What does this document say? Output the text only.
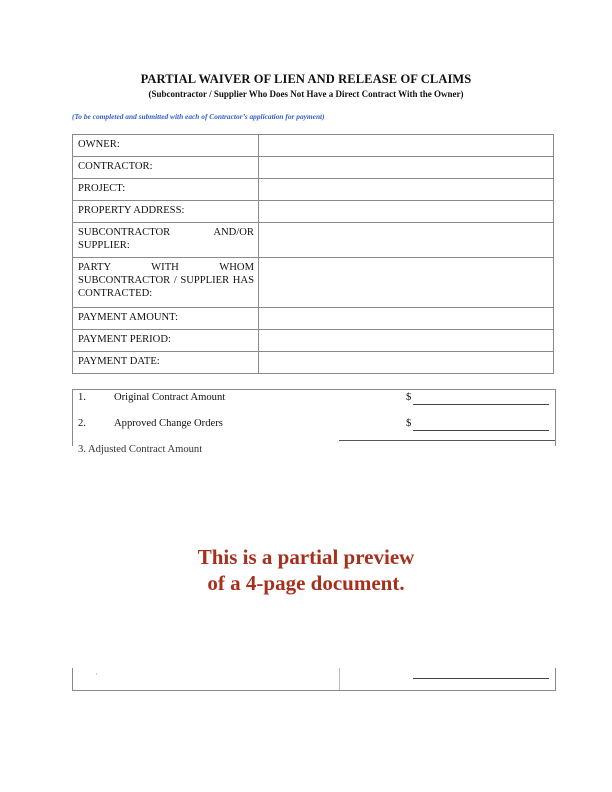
PARTIAL WAIVER OF LIEN AND RELEASE OF CLAIMS
(Subcontractor / Supplier Who Does Not Have a Direct Contract With the Owner)
(To be completed and submitted with each of Contractor’s application for payment)
OWNER:	
CONTRACTOR:	
PROJECT:	
PROPERTY ADDRESS:	
SUBCONTRACTOR AND/OR SUPPLIER:	
PARTY WITH WHOM SUBCONTRACTOR / SUPPLIER HAS CONTRACTED:	
PAYMENT AMOUNT:	
PAYMENT PERIOD:	
PAYMENT DATE:	
1.	Original Contract Amount	$
2.	Approved Change Orders	$
3. Adjusted Contract Amount
This is a partial preview
of a 4-page document.
·
